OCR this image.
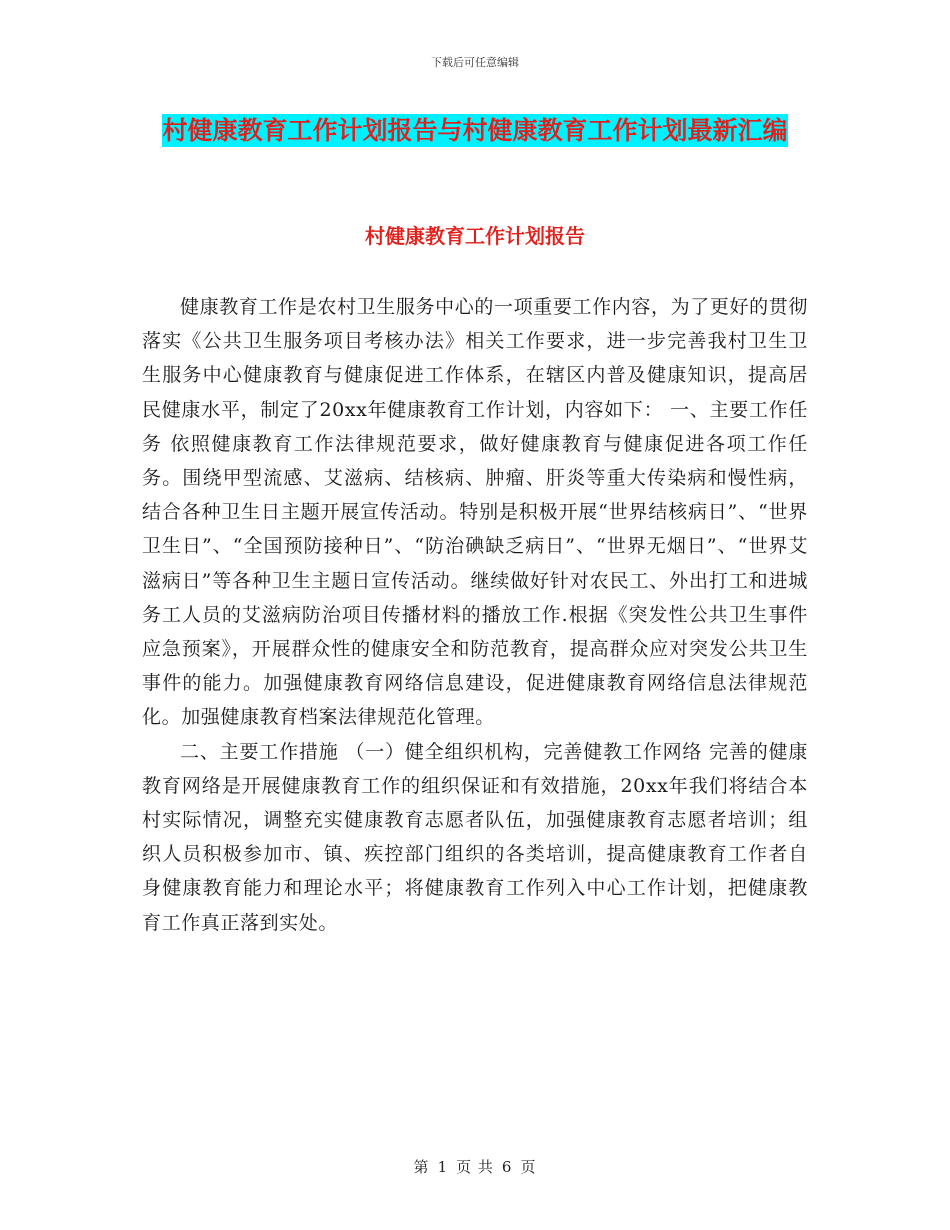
下载后可任意编辑
村健康教育工作计划报告与村健康教育工作计划最新汇编
村健康教育工作计划报告

健康教育工作是农村卫生服务中心的一项重要工作内容，为了更好的贯彻落实《公共卫生服务项目考核办法》相关工作要求，进一步完善我村卫生卫生服务中心健康教育与健康促进工作体系，在辖区内普及健康知识，提高居民健康水平，制定了20xx年健康教育工作计划，内容如下： 一、主要工作任务 依照健康教育工作法律规范要求，做好健康教育与健康促进各项工作任务。围绕甲型流感、艾滋病、结核病、肿瘤、肝炎等重大传染病和慢性病，结合各种卫生日主题开展宣传活动。特别是积极开展“世界结核病日”、“世界卫生日”、“全国预防接种日”、“防治碘缺乏病日”、“世界无烟日”、“世界艾滋病日”等各种卫生主题日宣传活动。继续做好针对农民工、外出打工和进城务工人员的艾滋病防治项目传播材料的播放工作.根据《突发性公共卫生事件应急预案》，开展群众性的健康安全和防范教育，提高群众应对突发公共卫生事件的能力。加强健康教育网络信息建设，促进健康教育网络信息法律规范化。加强健康教育档案法律规范化管理。

二、主要工作措施 （一）健全组织机构，完善健教工作网络 完善的健康教育网络是开展健康教育工作的组织保证和有效措施，20xx年我们将结合本村实际情况，调整充实健康教育志愿者队伍，加强健康教育志愿者培训；组织人员积极参加市、镇、疾控部门组织的各类培训，提高健康教育工作者自身健康教育能力和理论水平；将健康教育工作列入中心工作计划，把健康教育工作真正落到实处。

第 1 页 共 6 页
